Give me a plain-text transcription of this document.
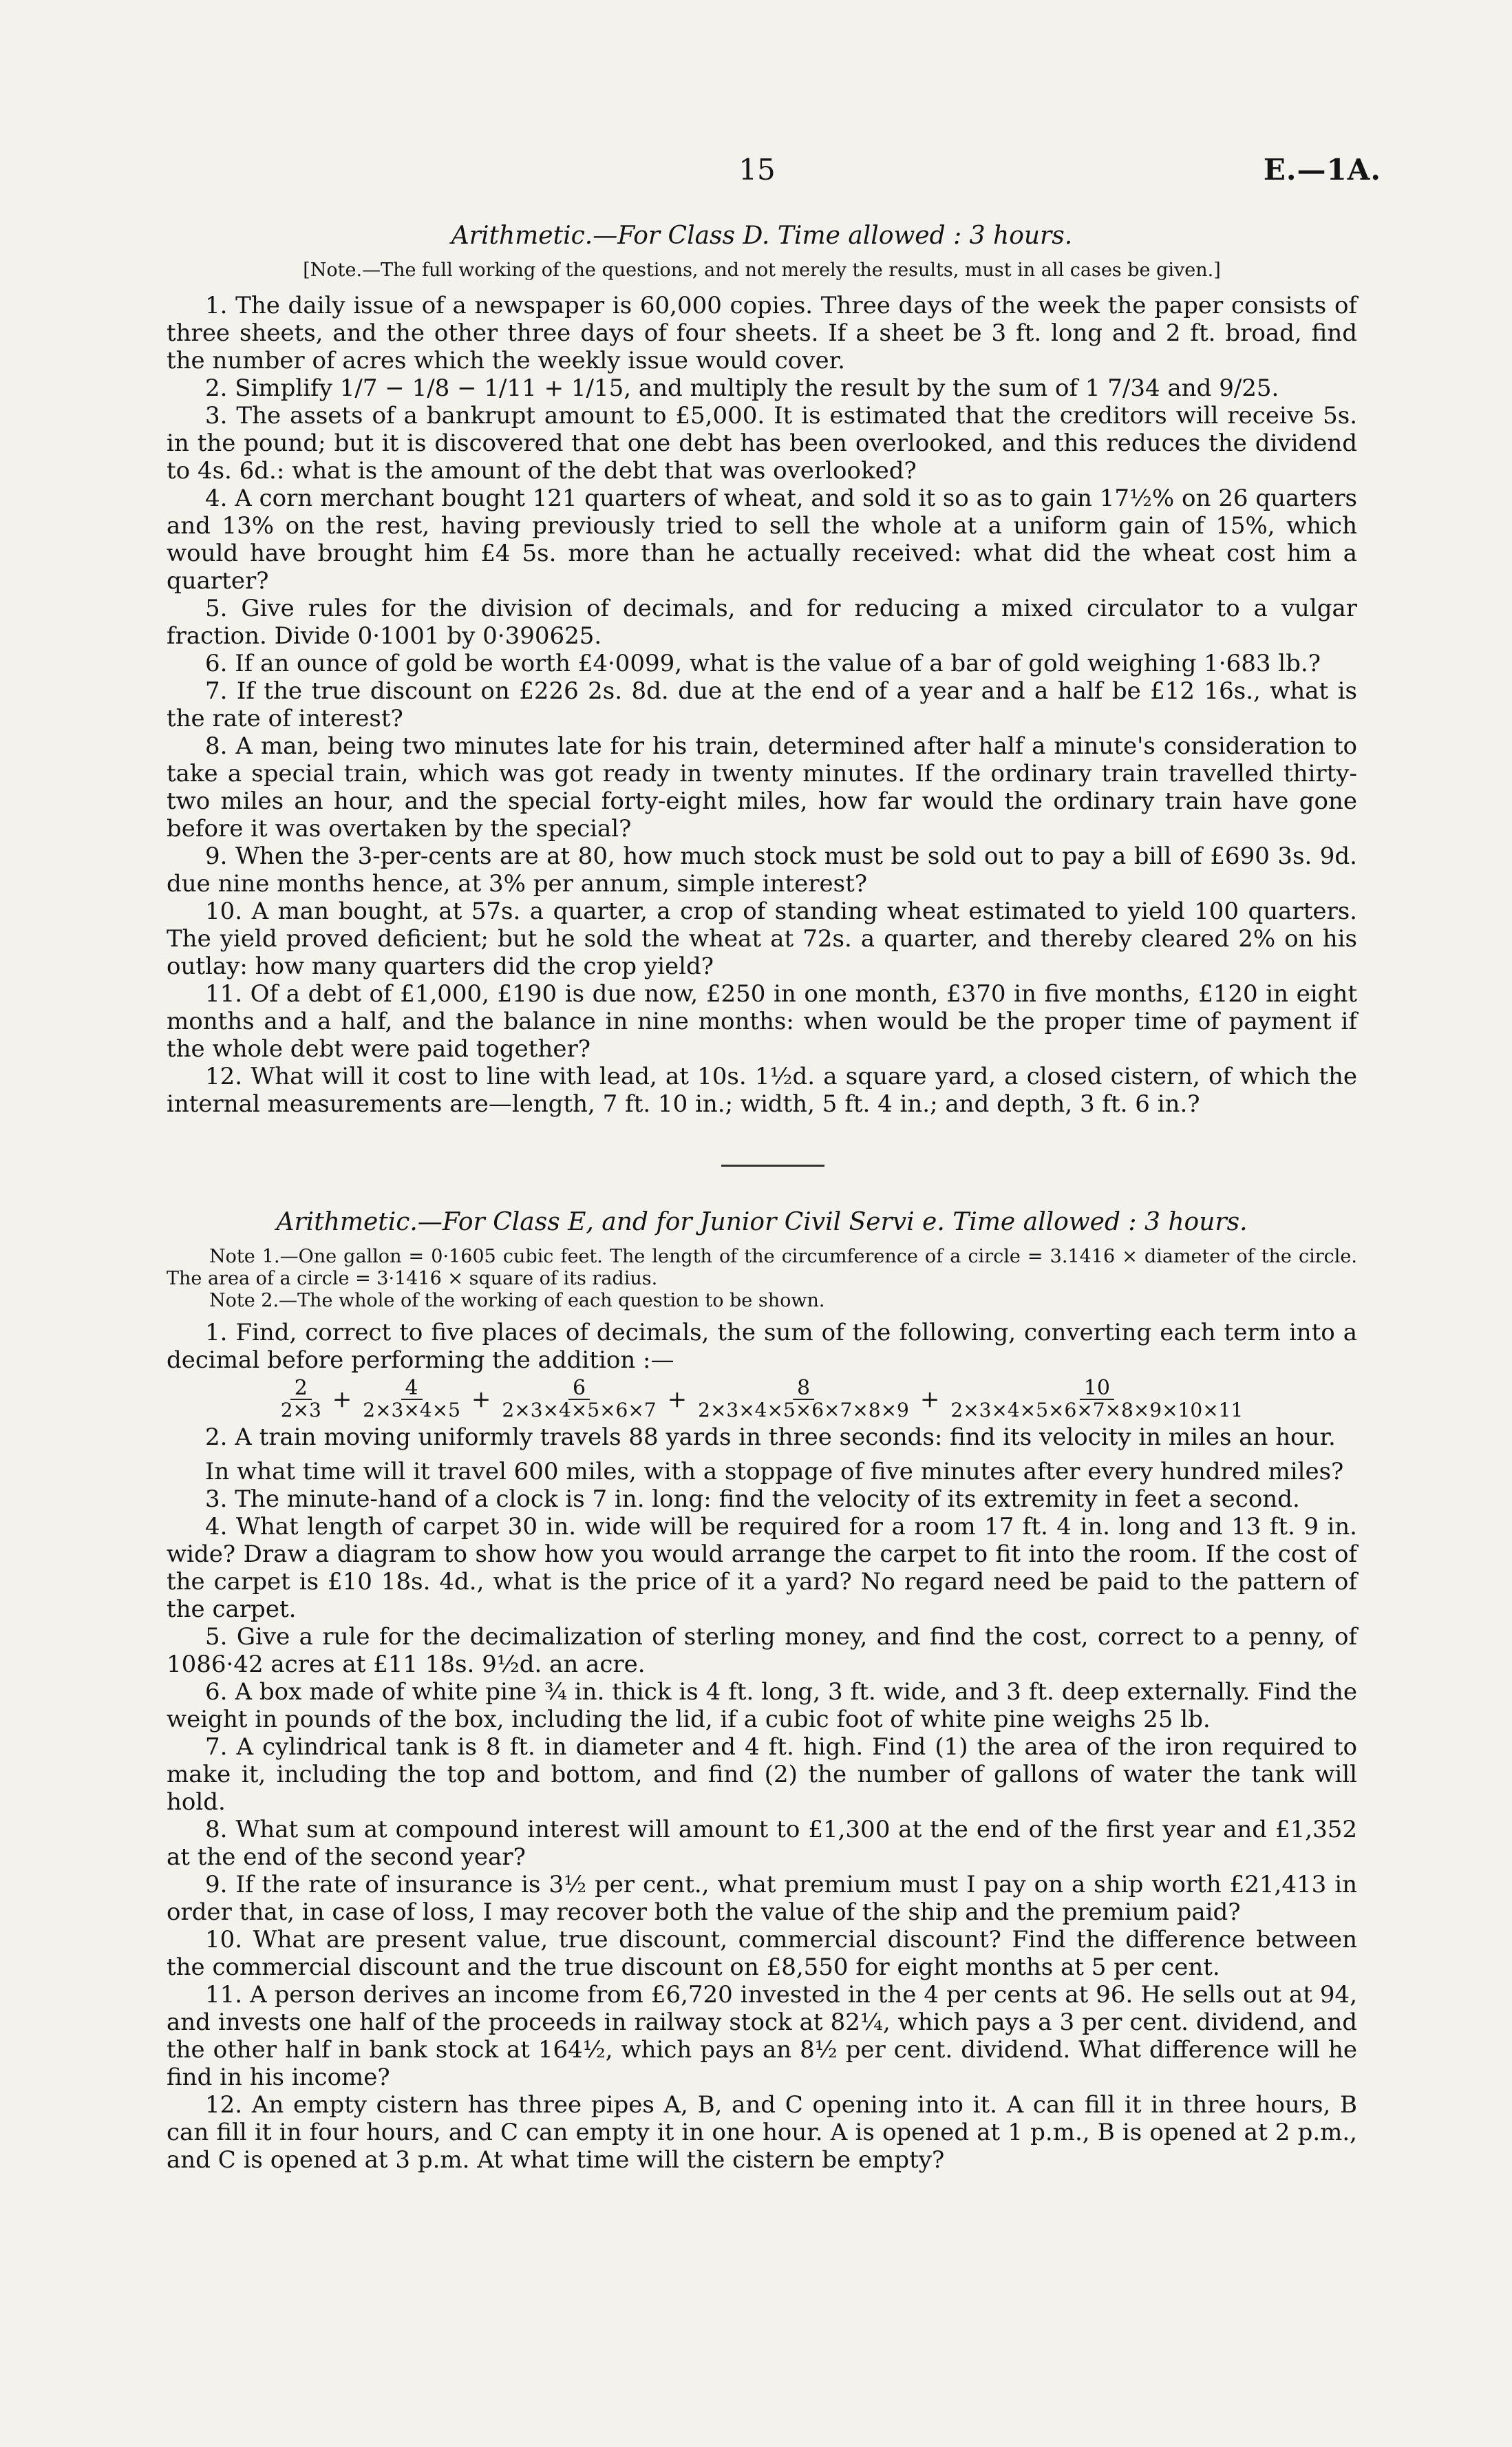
15	E.—1A.
Arithmetic.—For Class D. Time allowed : 3 hours.
[Note.—The full working of the questions, and not merely the results, must in all cases be given.]

1. The daily issue of a newspaper is 60,000 copies. Three days of the week the paper consists of three sheets, and the other three days of four sheets. If a sheet be 3 ft. long and 2 ft. broad, find the number of acres which the weekly issue would cover.

2. Simplify 1/7 − 1/8 − 1/11 + 1/15, and multiply the result by the sum of 1 7/34 and 9/25.

3. The assets of a bankrupt amount to £5,000. It is estimated that the creditors will receive 5s. in the pound; but it is discovered that one debt has been overlooked, and this reduces the dividend to 4s. 6d.: what is the amount of the debt that was overlooked?

4. A corn merchant bought 121 quarters of wheat, and sold it so as to gain 17½% on 26 quarters and 13% on the rest, having previously tried to sell the whole at a uniform gain of 15%, which would have brought him £4 5s. more than he actually received: what did the wheat cost him a quarter?

5. Give rules for the division of decimals, and for reducing a mixed circulator to a vulgar fraction. Divide 0·1001 by 0·390625.

6. If an ounce of gold be worth £4·0099, what is the value of a bar of gold weighing 1·683 lb.?

7. If the true discount on £226 2s. 8d. due at the end of a year and a half be £12 16s., what is the rate of interest?

8. A man, being two minutes late for his train, determined after half a minute's consideration to take a special train, which was got ready in twenty minutes. If the ordinary train travelled thirty-two miles an hour, and the special forty-eight miles, how far would the ordinary train have gone before it was overtaken by the special?

9. When the 3-per-cents are at 80, how much stock must be sold out to pay a bill of £690 3s. 9d. due nine months hence, at 3% per annum, simple interest?

10. A man bought, at 57s. a quarter, a crop of standing wheat estimated to yield 100 quarters. The yield proved deficient; but he sold the wheat at 72s. a quarter, and thereby cleared 2% on his outlay: how many quarters did the crop yield?

11. Of a debt of £1,000, £190 is due now, £250 in one month, £370 in five months, £120 in eight months and a half, and the balance in nine months: when would be the proper time of payment if the whole debt were paid together?

12. What will it cost to line with lead, at 10s. 1½d. a square yard, a closed cistern, of which the internal measurements are—length, 7 ft. 10 in.; width, 5 ft. 4 in.; and depth, 3 ft. 6 in.?

Arithmetic.—For Class E, and for Junior Civil Servi e. Time allowed : 3 hours.

Note 1.—One gallon = 0·1605 cubic feet. The length of the circumference of a circle = 3.1416 × diameter of the circle. The area of a circle = 3·1416 × square of its radius.

Note 2.—The whole of the working of each question to be shown.

1. Find, correct to five places of decimals, the sum of the following, converting each term into a decimal before performing the addition :—

$\frac{2}{2\times 3} + \frac{4}{2\times 3\times 4\times 5} + \frac{6}{2\times 3\times 4\times 5\times 6\times 7} + \frac{8}{2\times 3\times 4\times 5\times 6\times 7\times 8\times 9} + \frac{10}{2\times 3\times 4\times 5\times 6\times 7\times 8\times 9\times 10\times 11}$

2. A train moving uniformly travels 88 yards in three seconds: find its velocity in miles an hour.

In what time will it travel 600 miles, with a stoppage of five minutes after every hundred miles?

3. The minute-hand of a clock is 7 in. long: find the velocity of its extremity in feet a second.

4. What length of carpet 30 in. wide will be required for a room 17 ft. 4 in. long and 13 ft. 9 in. wide? Draw a diagram to show how you would arrange the carpet to fit into the room. If the cost of the carpet is £10 18s. 4d., what is the price of it a yard? No regard need be paid to the pattern of the carpet.

5. Give a rule for the decimalization of sterling money, and find the cost, correct to a penny, of 1086·42 acres at £11 18s. 9½d. an acre.

6. A box made of white pine ¾ in. thick is 4 ft. long, 3 ft. wide, and 3 ft. deep externally. Find the weight in pounds of the box, including the lid, if a cubic foot of white pine weighs 25 lb.

7. A cylindrical tank is 8 ft. in diameter and 4 ft. high. Find (1) the area of the iron required to make it, including the top and bottom, and find (2) the number of gallons of water the tank will hold.

8. What sum at compound interest will amount to £1,300 at the end of the first year and £1,352 at the end of the second year?

9. If the rate of insurance is 3½ per cent., what premium must I pay on a ship worth £21,413 in order that, in case of loss, I may recover both the value of the ship and the premium paid?

10. What are present value, true discount, commercial discount? Find the difference between the commercial discount and the true discount on £8,550 for eight months at 5 per cent.

11. A person derives an income from £6,720 invested in the 4 per cents at 96. He sells out at 94, and invests one half of the proceeds in railway stock at 82¼, which pays a 3 per cent. dividend, and the other half in bank stock at 164½, which pays an 8½ per cent. dividend. What difference will he find in his income?

12. An empty cistern has three pipes A, B, and C opening into it. A can fill it in three hours, B can fill it in four hours, and C can empty it in one hour. A is opened at 1 p.m., B is opened at 2 p.m., and C is opened at 3 p.m. At what time will the cistern be empty?
